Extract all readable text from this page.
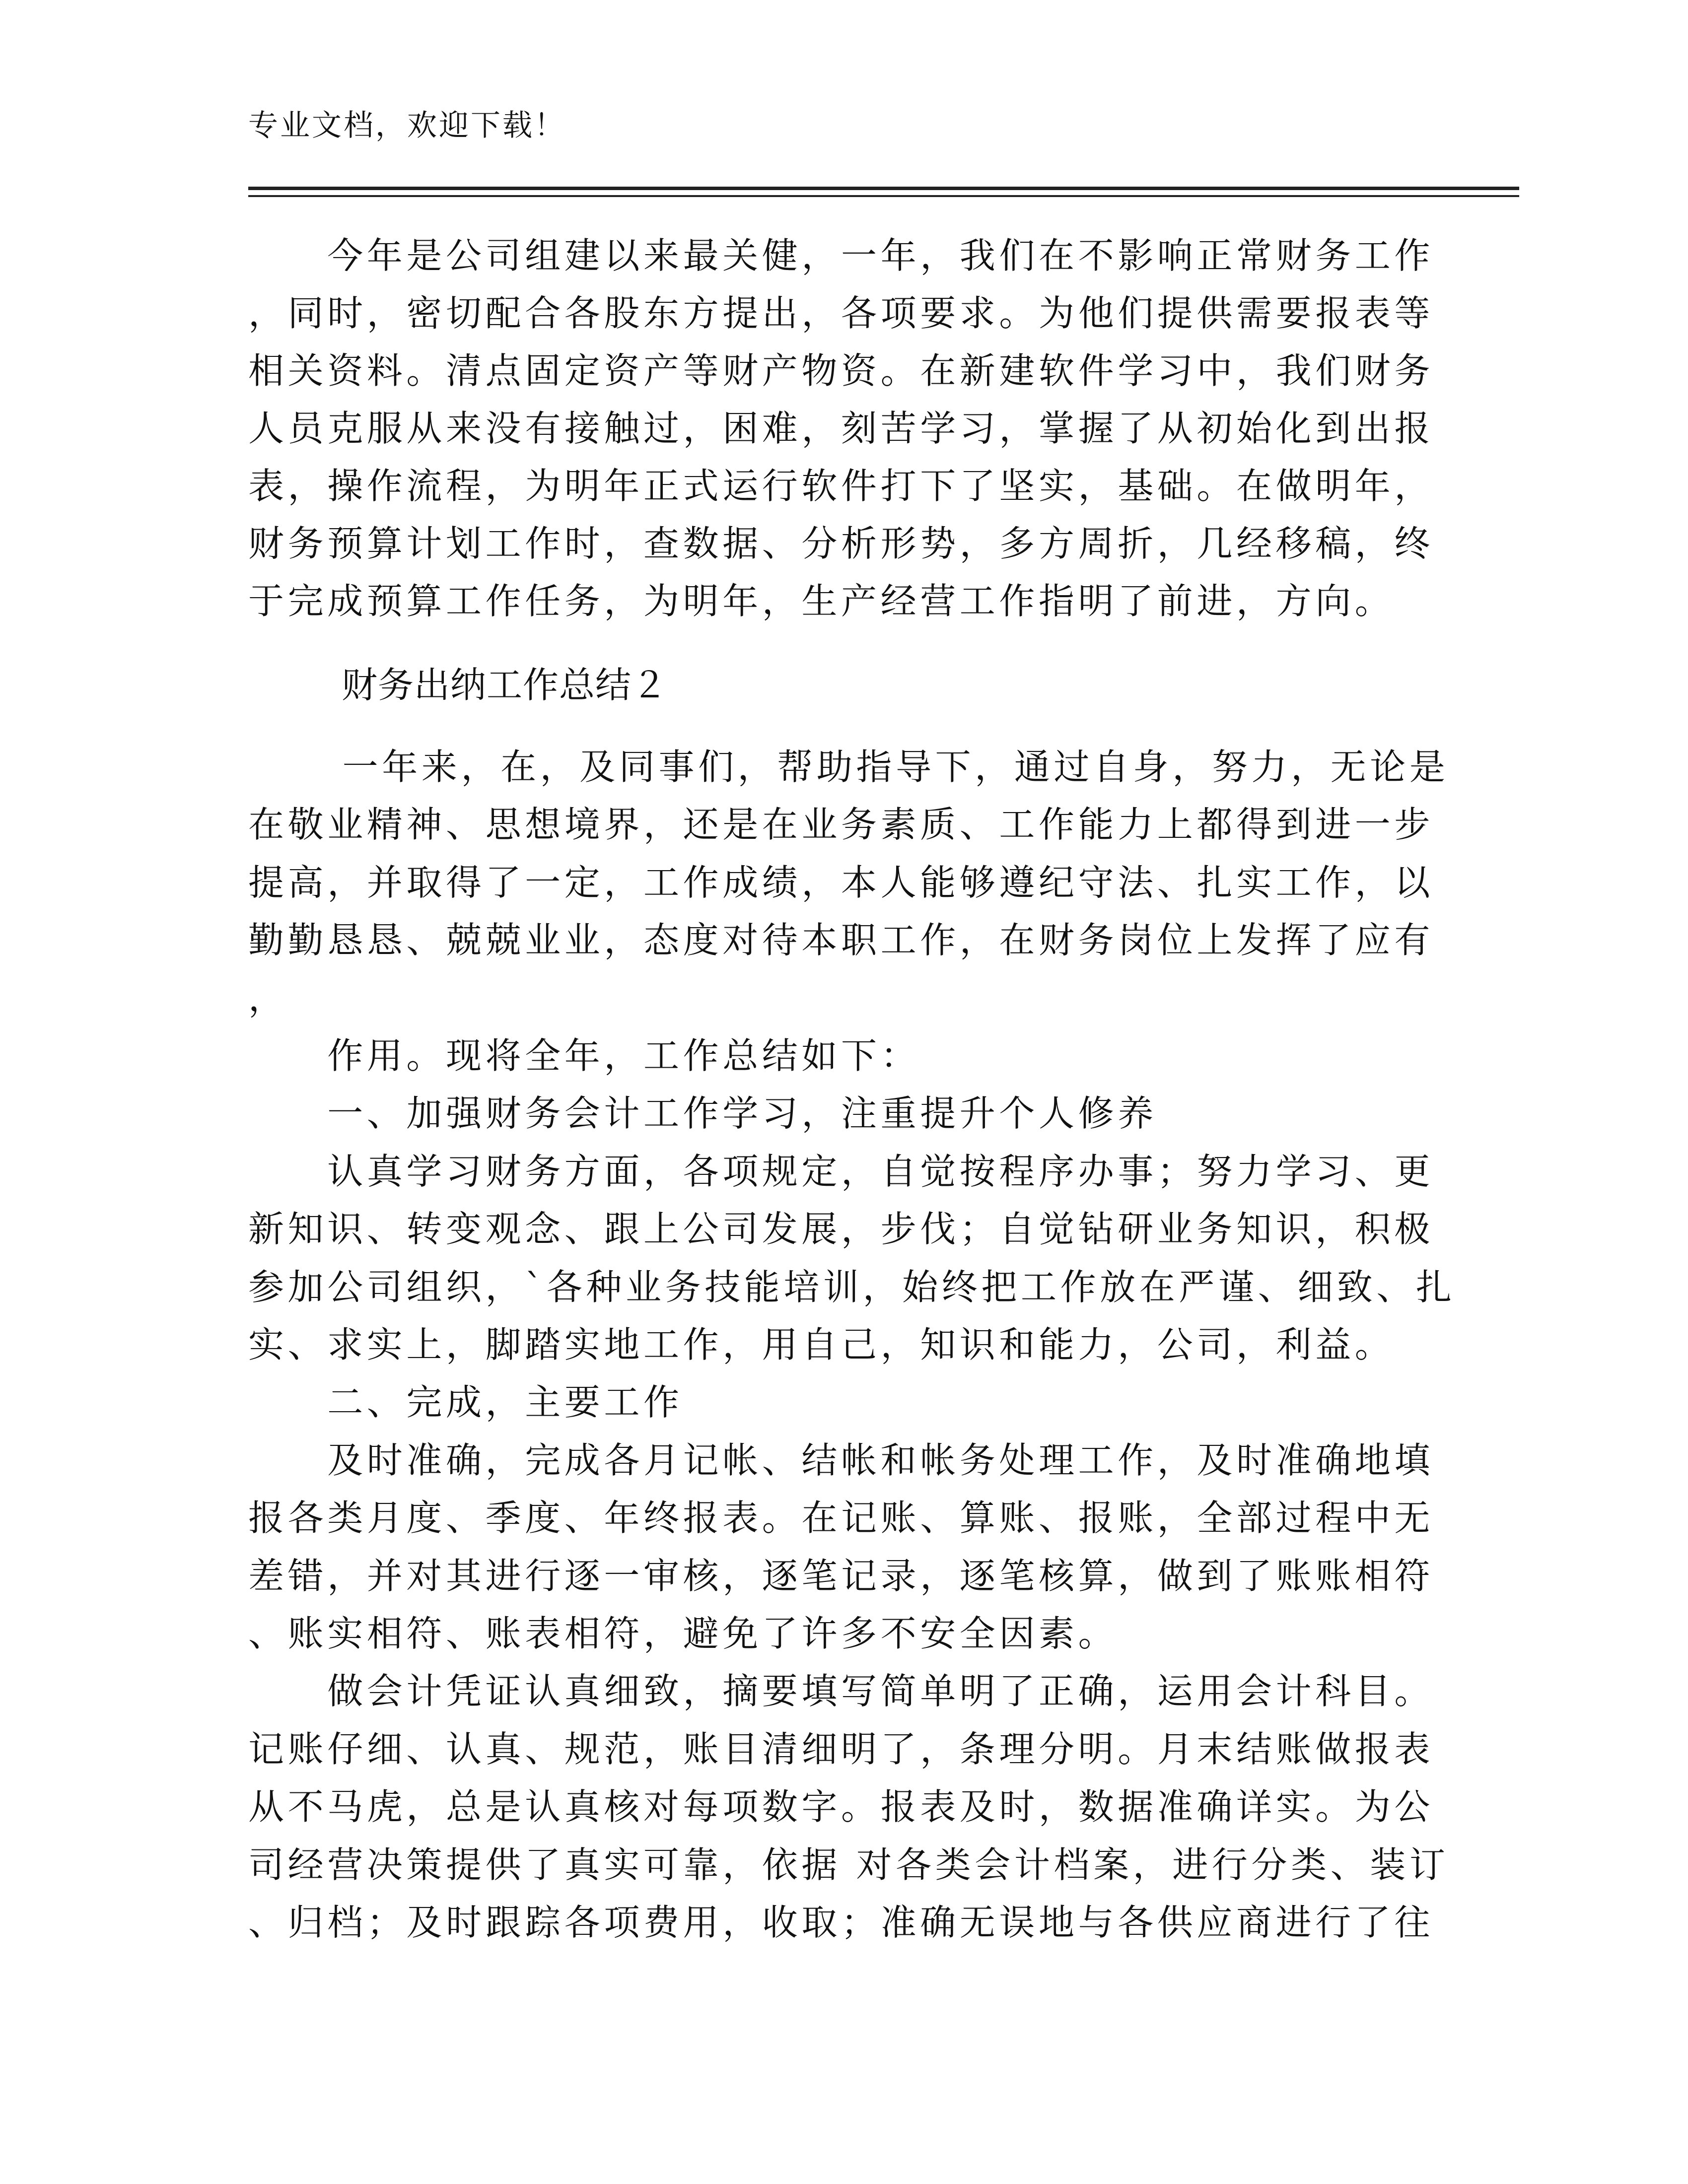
专业文档，欢迎下载！
　　今年是公司组建以来最关健，一年，我们在不影响正常财务工作
，同时，密切配合各股东方提出，各项要求。为他们提供需要报表等
相关资料。清点固定资产等财产物资。在新建软件学习中，我们财务
人员克服从来没有接触过，困难，刻苦学习，掌握了从初始化到出报
表，操作流程，为明年正式运行软件打下了坚实，基础。在做明年，
财务预算计划工作时，查数据、分析形势，多方周折，几经移稿，终
于完成预算工作任务，为明年，生产经营工作指明了前进，方向。
　　 一年来，在，及同事们，帮助指导下，通过自身，努力，无论是
在敬业精神、思想境界，还是在业务素质、工作能力上都得到进一步
提高，并取得了一定，工作成绩，本人能够遵纪守法、扎实工作，以
勤勤恳恳、兢兢业业，态度对待本职工作，在财务岗位上发挥了应有
，
　　作用。现将全年，工作总结如下：
　　一、加强财务会计工作学习，注重提升个人修养
　　认真学习财务方面，各项规定，自觉按程序办事；努力学习、更
新知识、转变观念、跟上公司发展，步伐；自觉钻研业务知识，积极
参加公司组织，`各种业务技能培训，始终把工作放在严谨、细致、扎
实、求实上，脚踏实地工作，用自己，知识和能力，公司，利益。
　　二、完成，主要工作
　　及时准确，完成各月记帐、结帐和帐务处理工作，及时准确地填
报各类月度、季度、年终报表。在记账、算账、报账，全部过程中无
差错，并对其进行逐一审核，逐笔记录，逐笔核算，做到了账账相符
、账实相符、账表相符，避免了许多不安全因素。
　　做会计凭证认真细致，摘要填写简单明了正确，运用会计科目。
记账仔细、认真、规范，账目清细明了，条理分明。月末结账做报表
从不马虎，总是认真核对每项数字。报表及时，数据准确详实。为公
司经营决策提供了真实可靠，依据 对各类会计档案，进行分类、装订
、归档；及时跟踪各项费用，收取；准确无误地与各供应商进行了往
财务出纳工作总结２
